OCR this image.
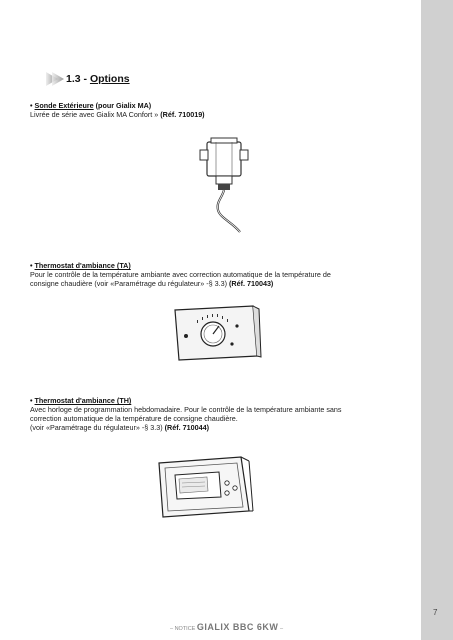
1.3 - Options
• Sonde Extérieure (pour Gialix MA)
Livrée de série avec Gialix MA Confort » (Réf. 710019)
• Thermostat d'ambiance (TA)
Pour le contrôle de la température ambiante avec correction automatique de la température de
consigne chaudière (voir «Paramétrage du régulateur» -§ 3.3) (Réf. 710043)
• Thermostat d'ambiance (TH)
Avec horloge de programmation hebdomadaire. Pour le contrôle de la température ambiante sans
correction automatique de la température de consigne chaudière.
(voir «Paramétrage du régulateur» -§ 3.3) (Réf. 710044)
– NOTICE GIALIX BBC 6KW –
7
